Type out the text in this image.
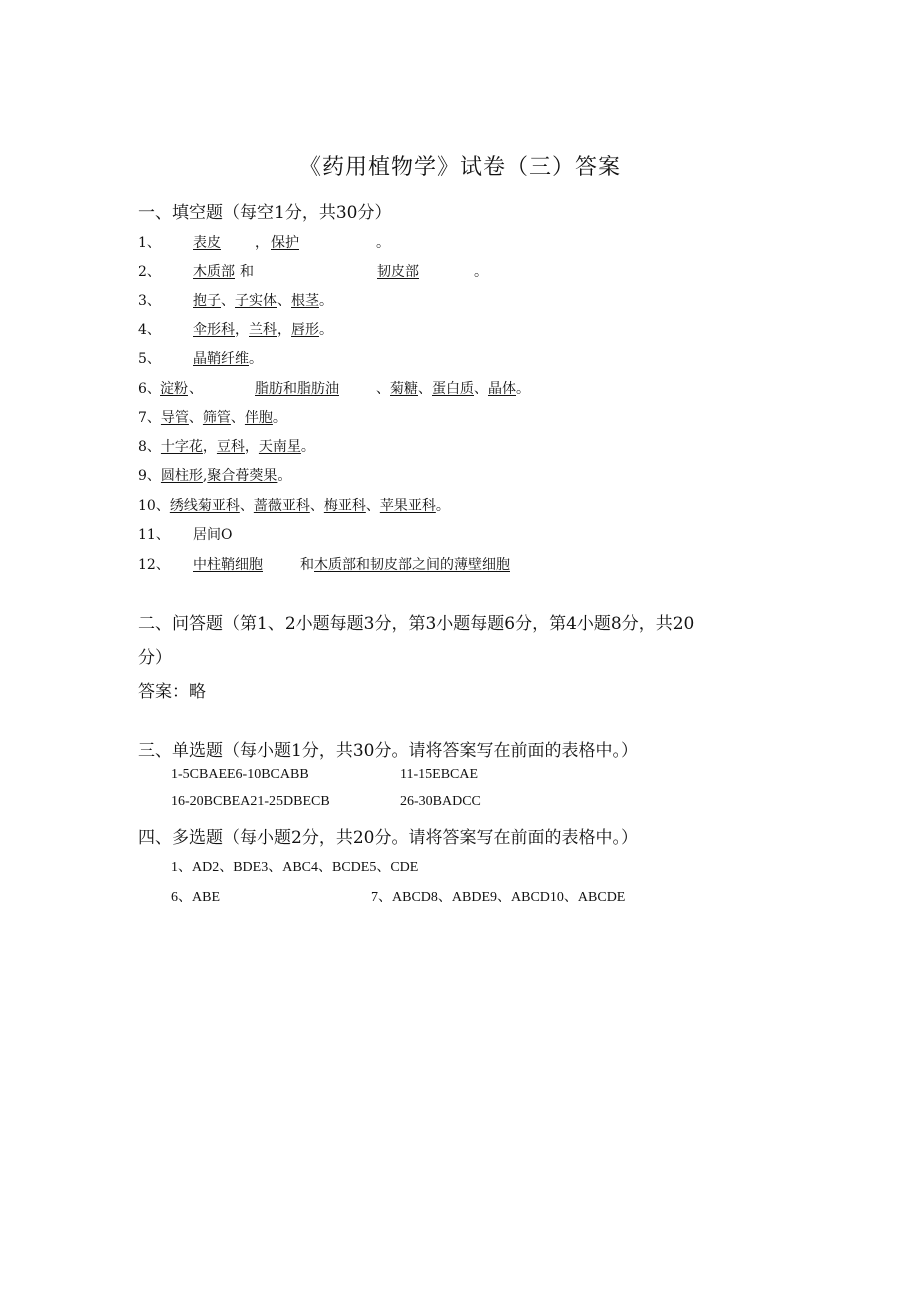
《药用植物学》试卷（三）答案
一、填空题（每空1分，共30分）
1、 表皮 ， 保护	。
2、 木质部 和	韧皮部	。
3、 抱子、子实体、根茎。
4、 伞形科，兰科，唇形。
5、 晶鞘纤维。
6、 淀粉 、	脂肪和脂肪油	、菊糖、蛋白质、晶体。
7、导管、筛管、伴胞。
8、十字花，豆科，天南星。
9、圆柱形,聚合蓇葖果。
10、绣线菊亚科、蔷薇亚科、梅亚科、苹果亚科。
11、 居间O
12、 中柱鞘细胞	和木质部和韧皮部之间的薄壁细胞
二、问答题（第1、2小题每题3分，第3小题每题6分，第4小题8分，共20
分）
答案：略
三、单选题（每小题1分，共30分。请将答案写在前面的表格中。）
1-5CBAEE6-10BCABB	11-15EBCAE
16-20BCBEA21-25DBECB	26-30BADCC
四、多选题（每小题2分，共20分。请将答案写在前面的表格中。）
1、AD2、BDE3、ABC4、BCDE5、CDE
6、ABE	7、ABCD8、ABDE9、ABCD10、ABCDE
